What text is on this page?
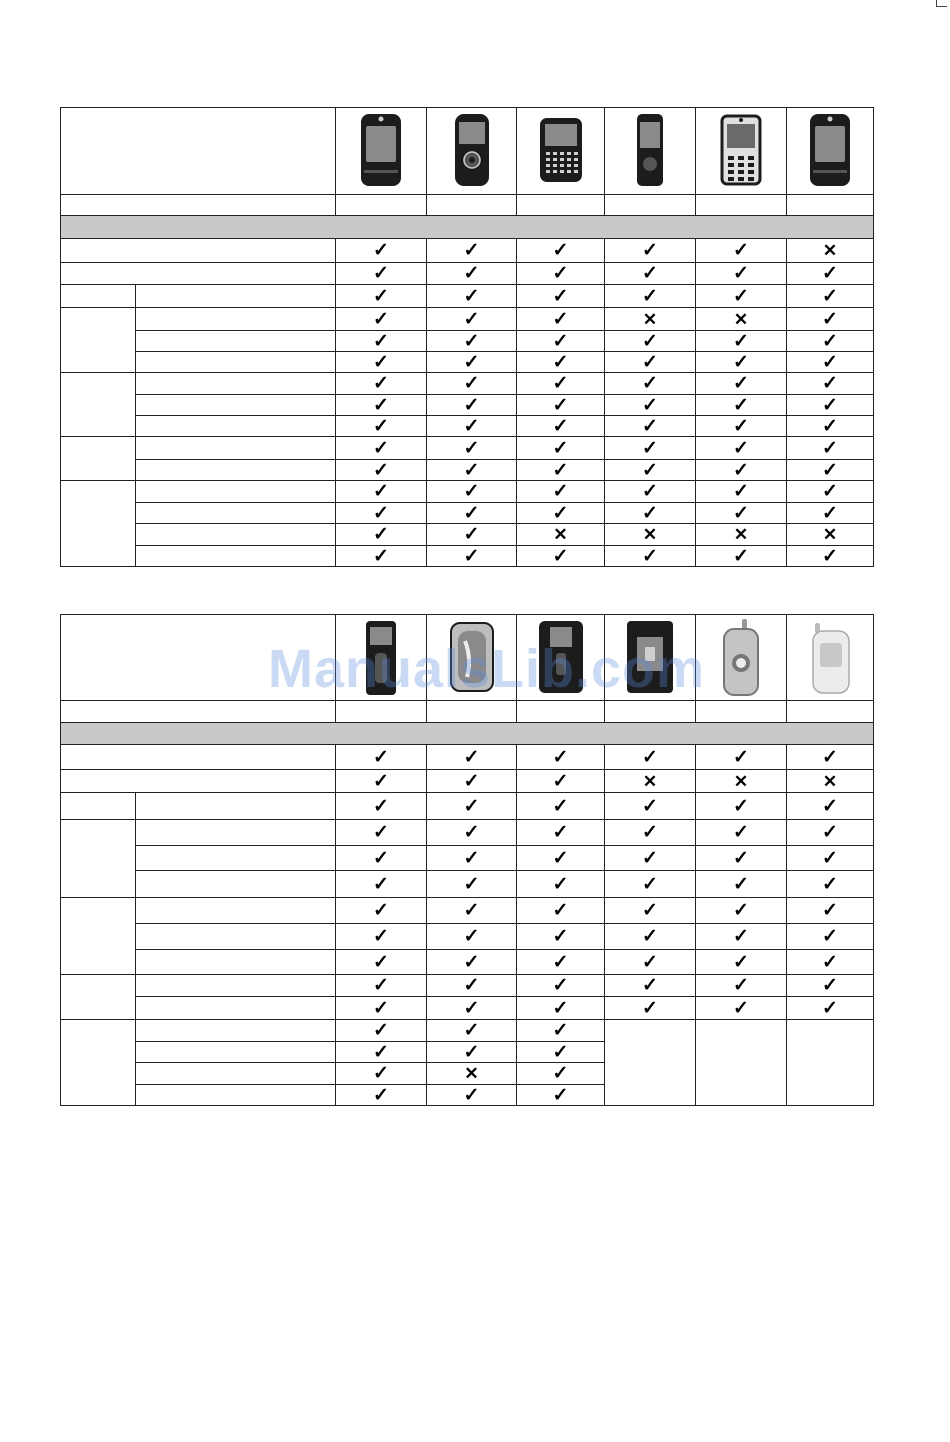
		✓	✓	✓	✓	✓	✕
		✓	✓	✓	✓	✓	✓
		✓	✓	✓	✓	✓	✓
		✓	✓	✓	✕	✕	✓
		✓	✓	✓	✓	✓	✓
		✓	✓	✓	✓	✓	✓
		✓	✓	✓	✓	✓	✓
		✓	✓	✓	✓	✓	✓
		✓	✓	✓	✓	✓	✓
		✓	✓	✓	✓	✓	✓
		✓	✓	✓	✓	✓	✓
		✓	✓	✓	✓	✓	✓
		✓	✓	✓	✓	✓	✓
		✓	✓	✕	✕	✕	✕
		✓	✓	✓	✓	✓	✓

		✓	✓	✓	✓	✓	✓
		✓	✓	✓	✕	✕	✕
		✓	✓	✓	✓	✓	✓
		✓	✓	✓	✓	✓	✓
		✓	✓	✓	✓	✓	✓
		✓	✓	✓	✓	✓	✓
		✓	✓	✓	✓	✓	✓
		✓	✓	✓	✓	✓	✓
		✓	✓	✓	✓	✓	✓
		✓	✓	✓	✓	✓	✓
		✓	✓	✓	✓	✓	✓
		✓	✓	✓			
		✓	✓	✓			
		✓	✕	✓			
		✓	✓	✓			
ManualsLib.com
